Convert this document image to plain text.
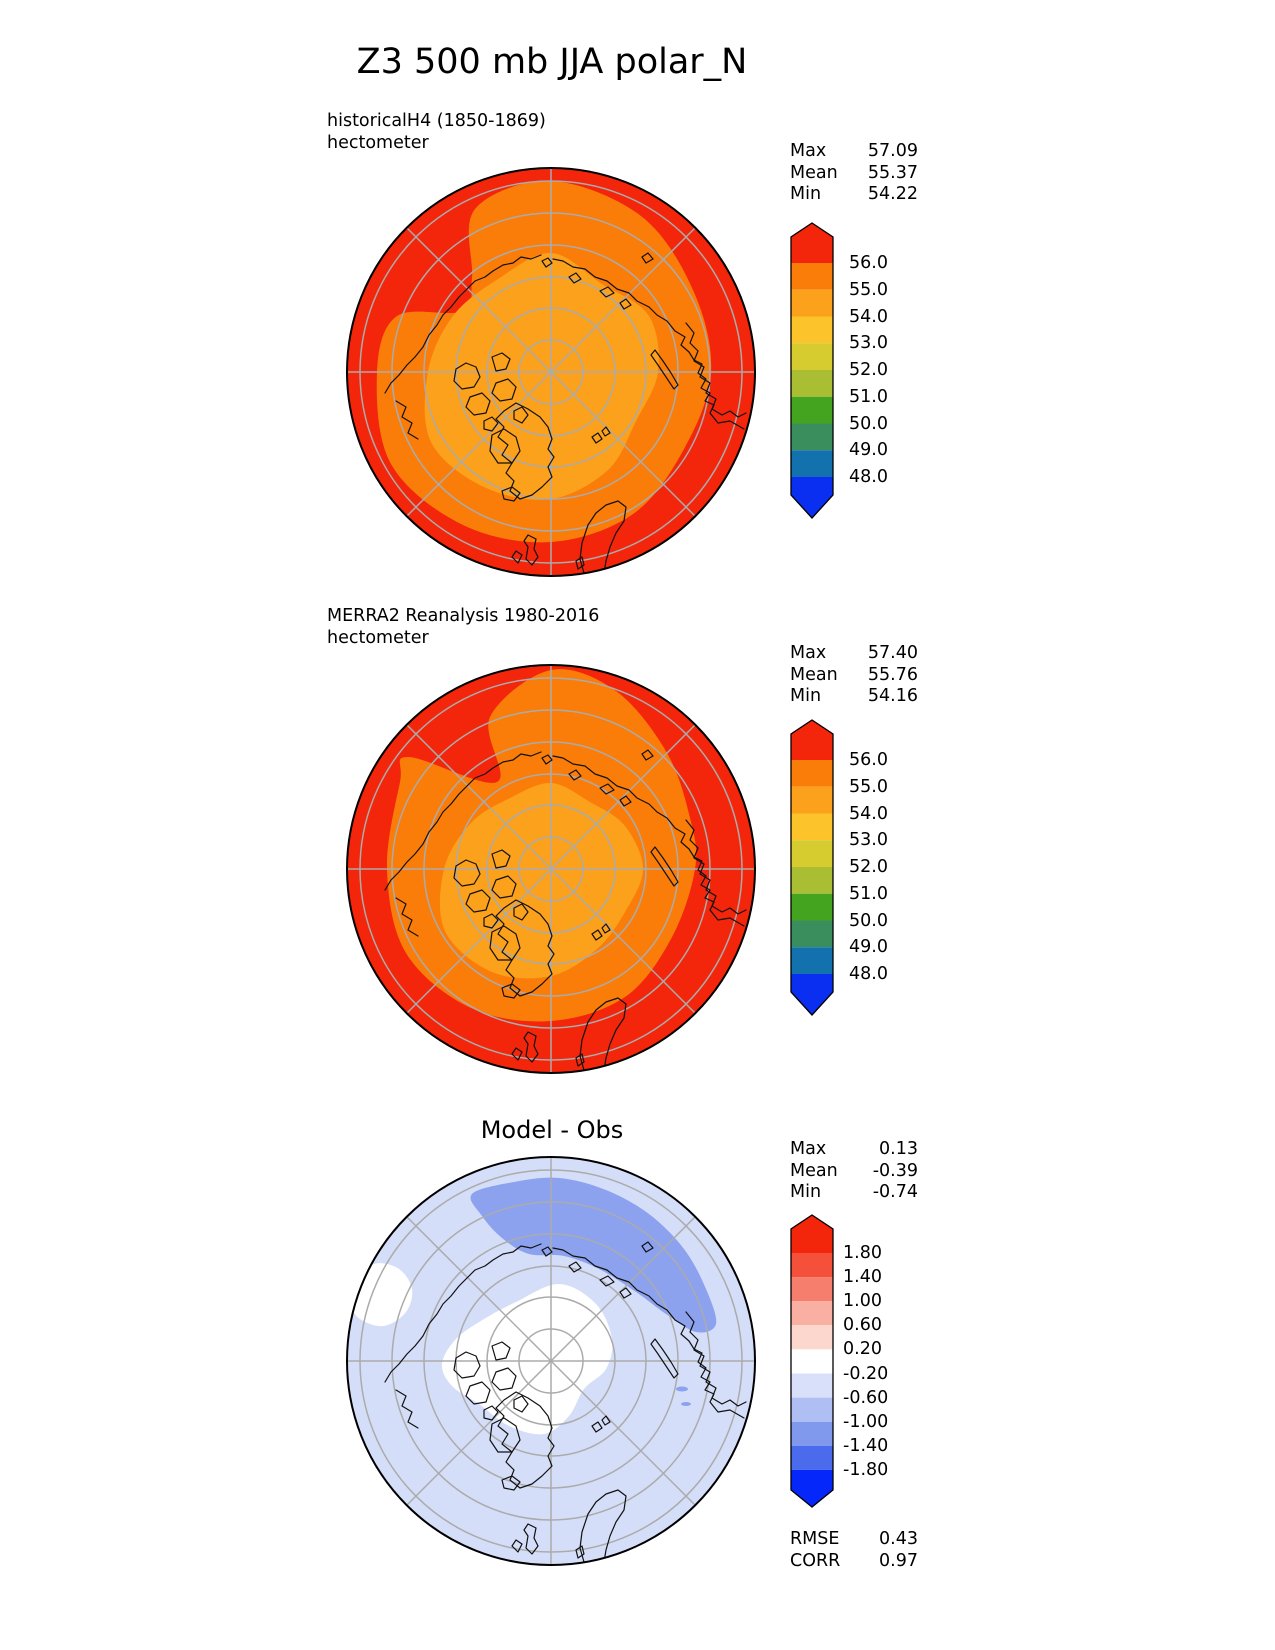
Z3 500 mb JJA polar_N
historicalH4 (1850-1869)
hectometer	Max 57.09
Mean 55.37
Min	54.22
MERRA2 Reanalysis 1980-2016
hectometer
Max 57.40
Mean 55.76
Min	54.16
Model - Obs
Max	0.13
Mean -0.39
Min	-0.74
RMSE 0.43
CORR 0.97
56.0
55.0
54.0
53.0
52.0
51.0
50.0
49.0
48.0
56.0
55.0
54.0
53.0
52.0
51.0
50.0
49.0
48.0
1.80
1.40
1.00
0.60
0.20
-0.20
-0.60
-1.00
-1.40
-1.80
